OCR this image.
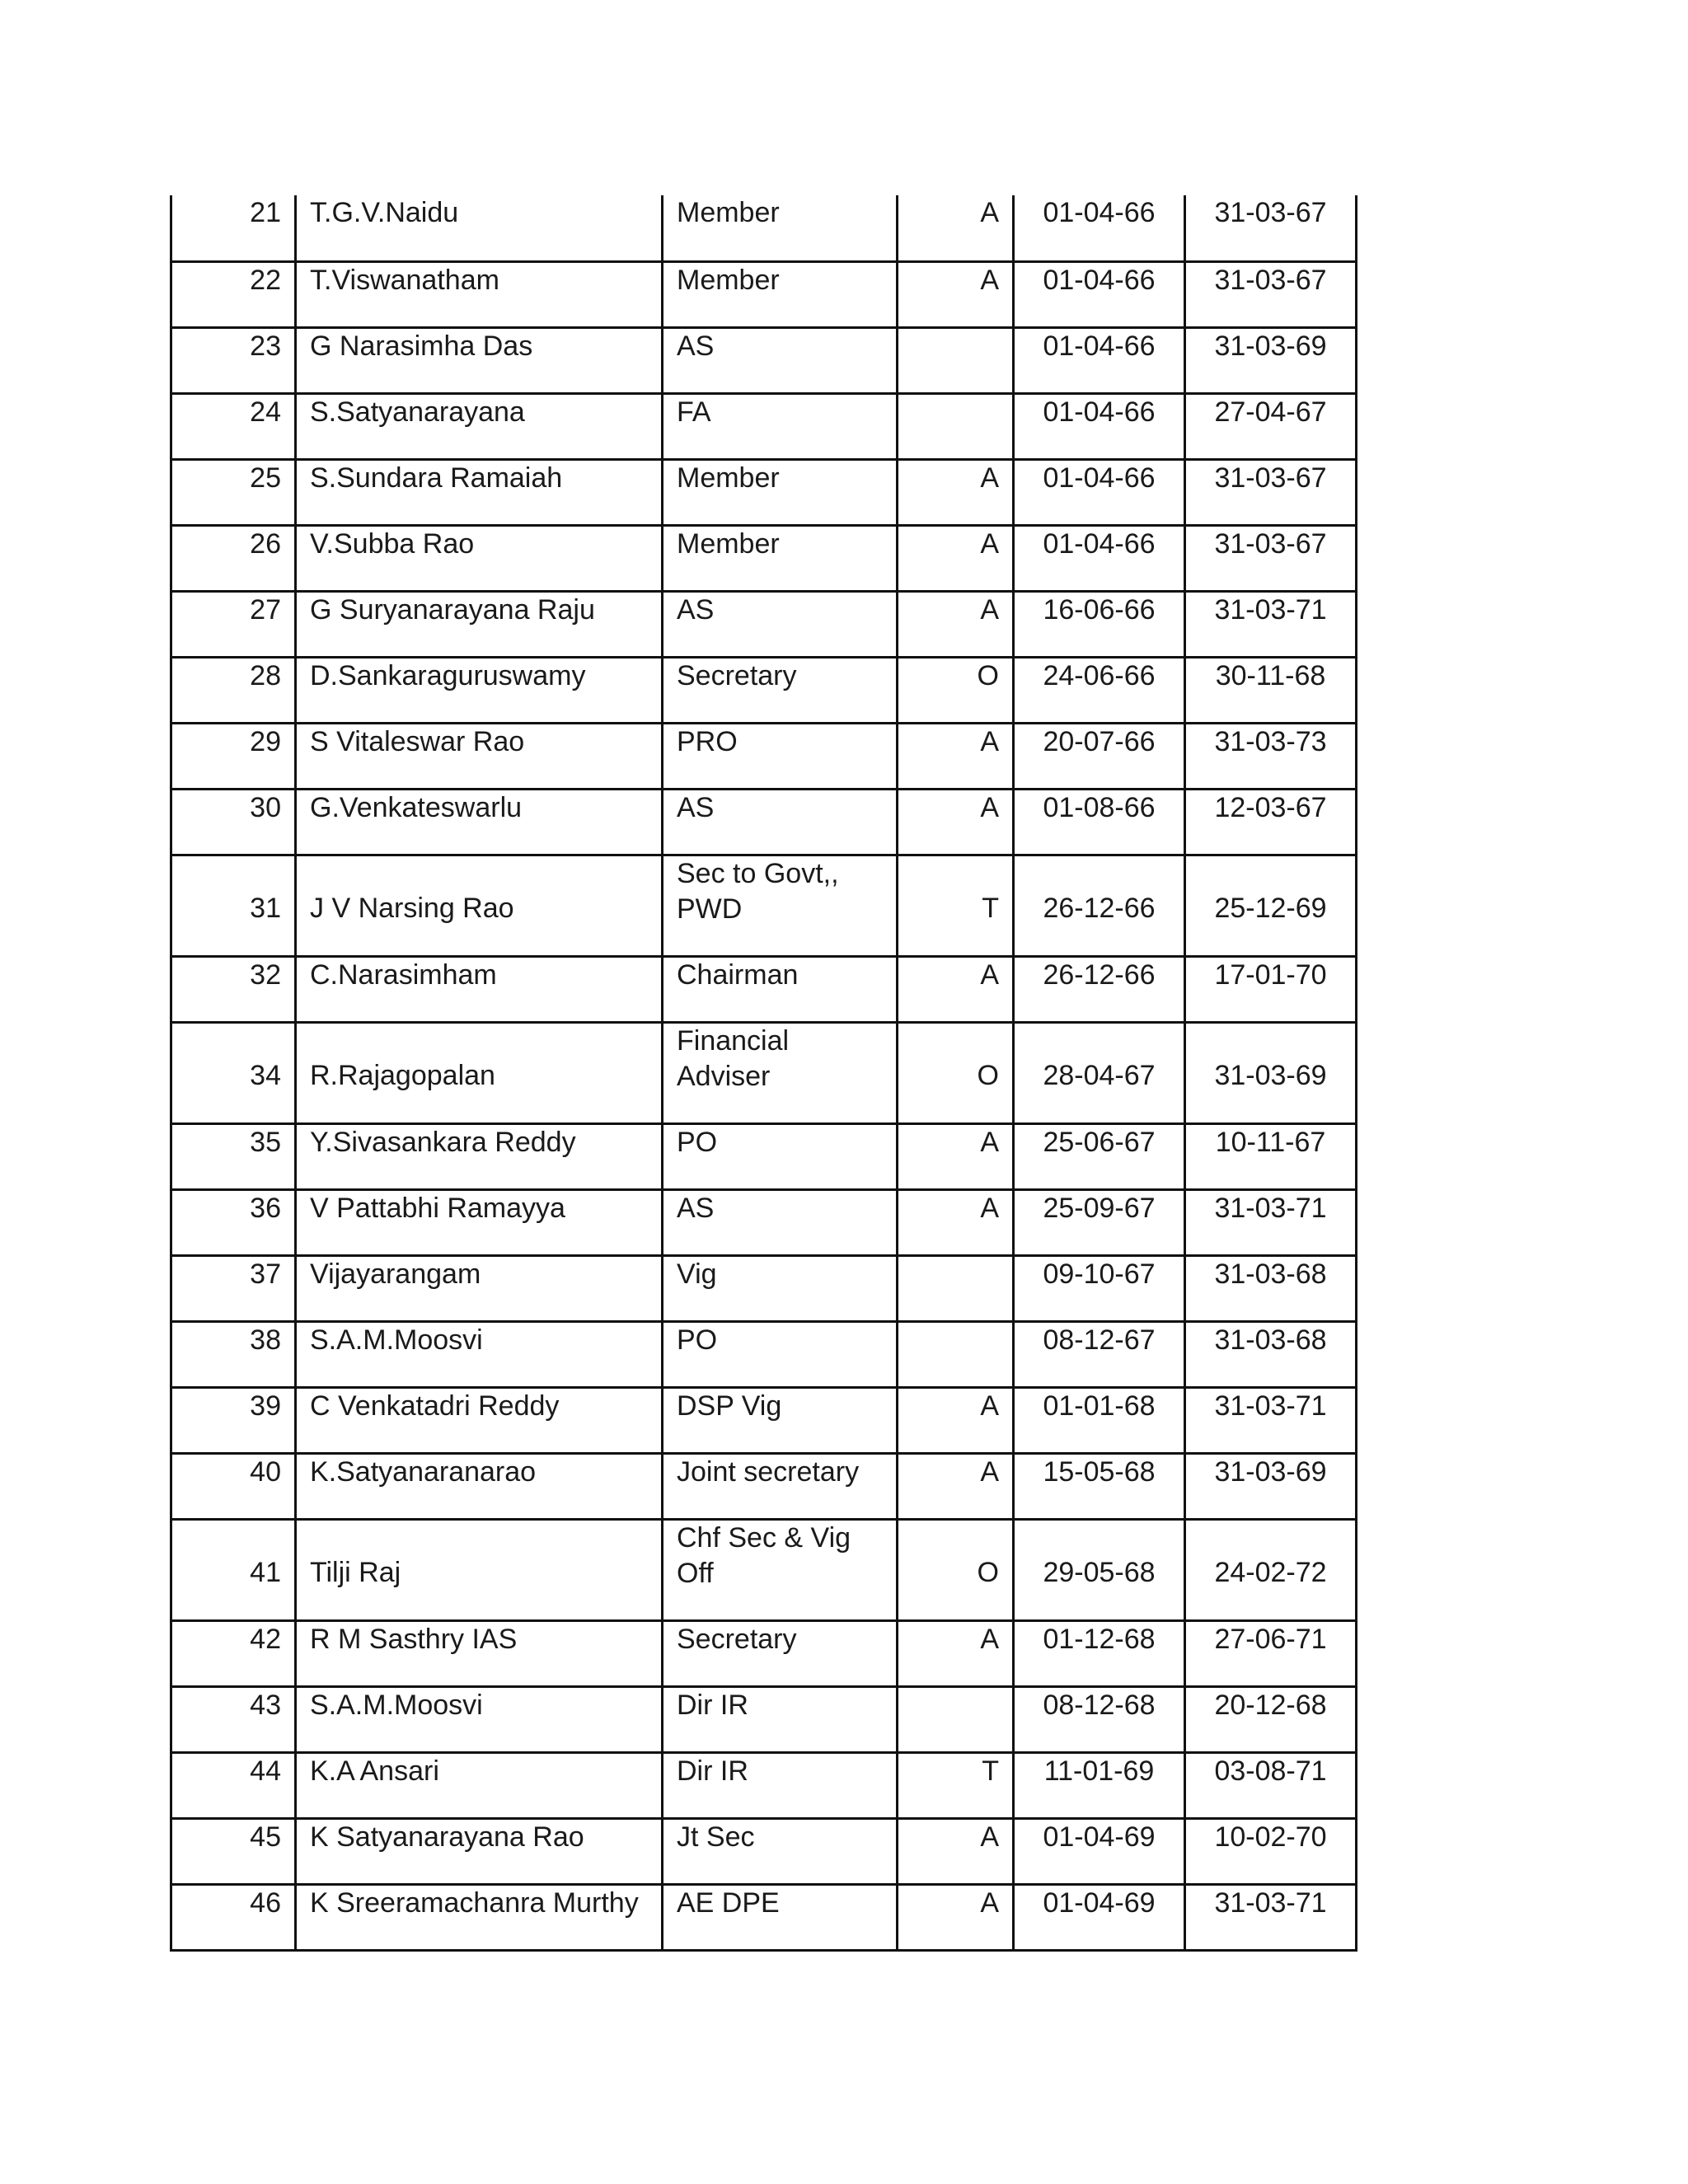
21	T.G.V.Naidu	Member	A	01-04-66	31-03-67
22	T.Viswanatham	Member	A	01-04-66	31-03-67
23	G Narasimha Das	AS		01-04-66	31-03-69
24	S.Satyanarayana	FA		01-04-66	27-04-67
25	S.Sundara Ramaiah	Member	A	01-04-66	31-03-67
26	V.Subba Rao	Member	A	01-04-66	31-03-67
27	G Suryanarayana Raju	AS	A	16-06-66	31-03-71
28	D.Sankaraguruswamy	Secretary	O	24-06-66	30-11-68
29	S Vitaleswar Rao	PRO	A	20-07-66	31-03-73
30	G.Venkateswarlu	AS	A	01-08-66	12-03-67
31	J V Narsing Rao	Sec to Govt,,
PWD	T	26-12-66	25-12-69
32	C.Narasimham	Chairman	A	26-12-66	17-01-70
34	R.Rajagopalan	Financial
Adviser	O	28-04-67	31-03-69
35	Y.Sivasankara Reddy	PO	A	25-06-67	10-11-67
36	V Pattabhi Ramayya	AS	A	25-09-67	31-03-71
37	Vijayarangam	Vig		09-10-67	31-03-68
38	S.A.M.Moosvi	PO		08-12-67	31-03-68
39	C Venkatadri Reddy	DSP Vig	A	01-01-68	31-03-71
40	K.Satyanaranarao	Joint secretary	A	15-05-68	31-03-69
41	Tilji Raj	Chf Sec & Vig
Off	O	29-05-68	24-02-72
42	R M Sasthry IAS	Secretary	A	01-12-68	27-06-71
43	S.A.M.Moosvi	Dir IR		08-12-68	20-12-68
44	K.A Ansari	Dir IR	T	11-01-69	03-08-71
45	K Satyanarayana Rao	Jt Sec	A	01-04-69	10-02-70
46	K Sreeramachanra Murthy	AE DPE	A	01-04-69	31-03-71
